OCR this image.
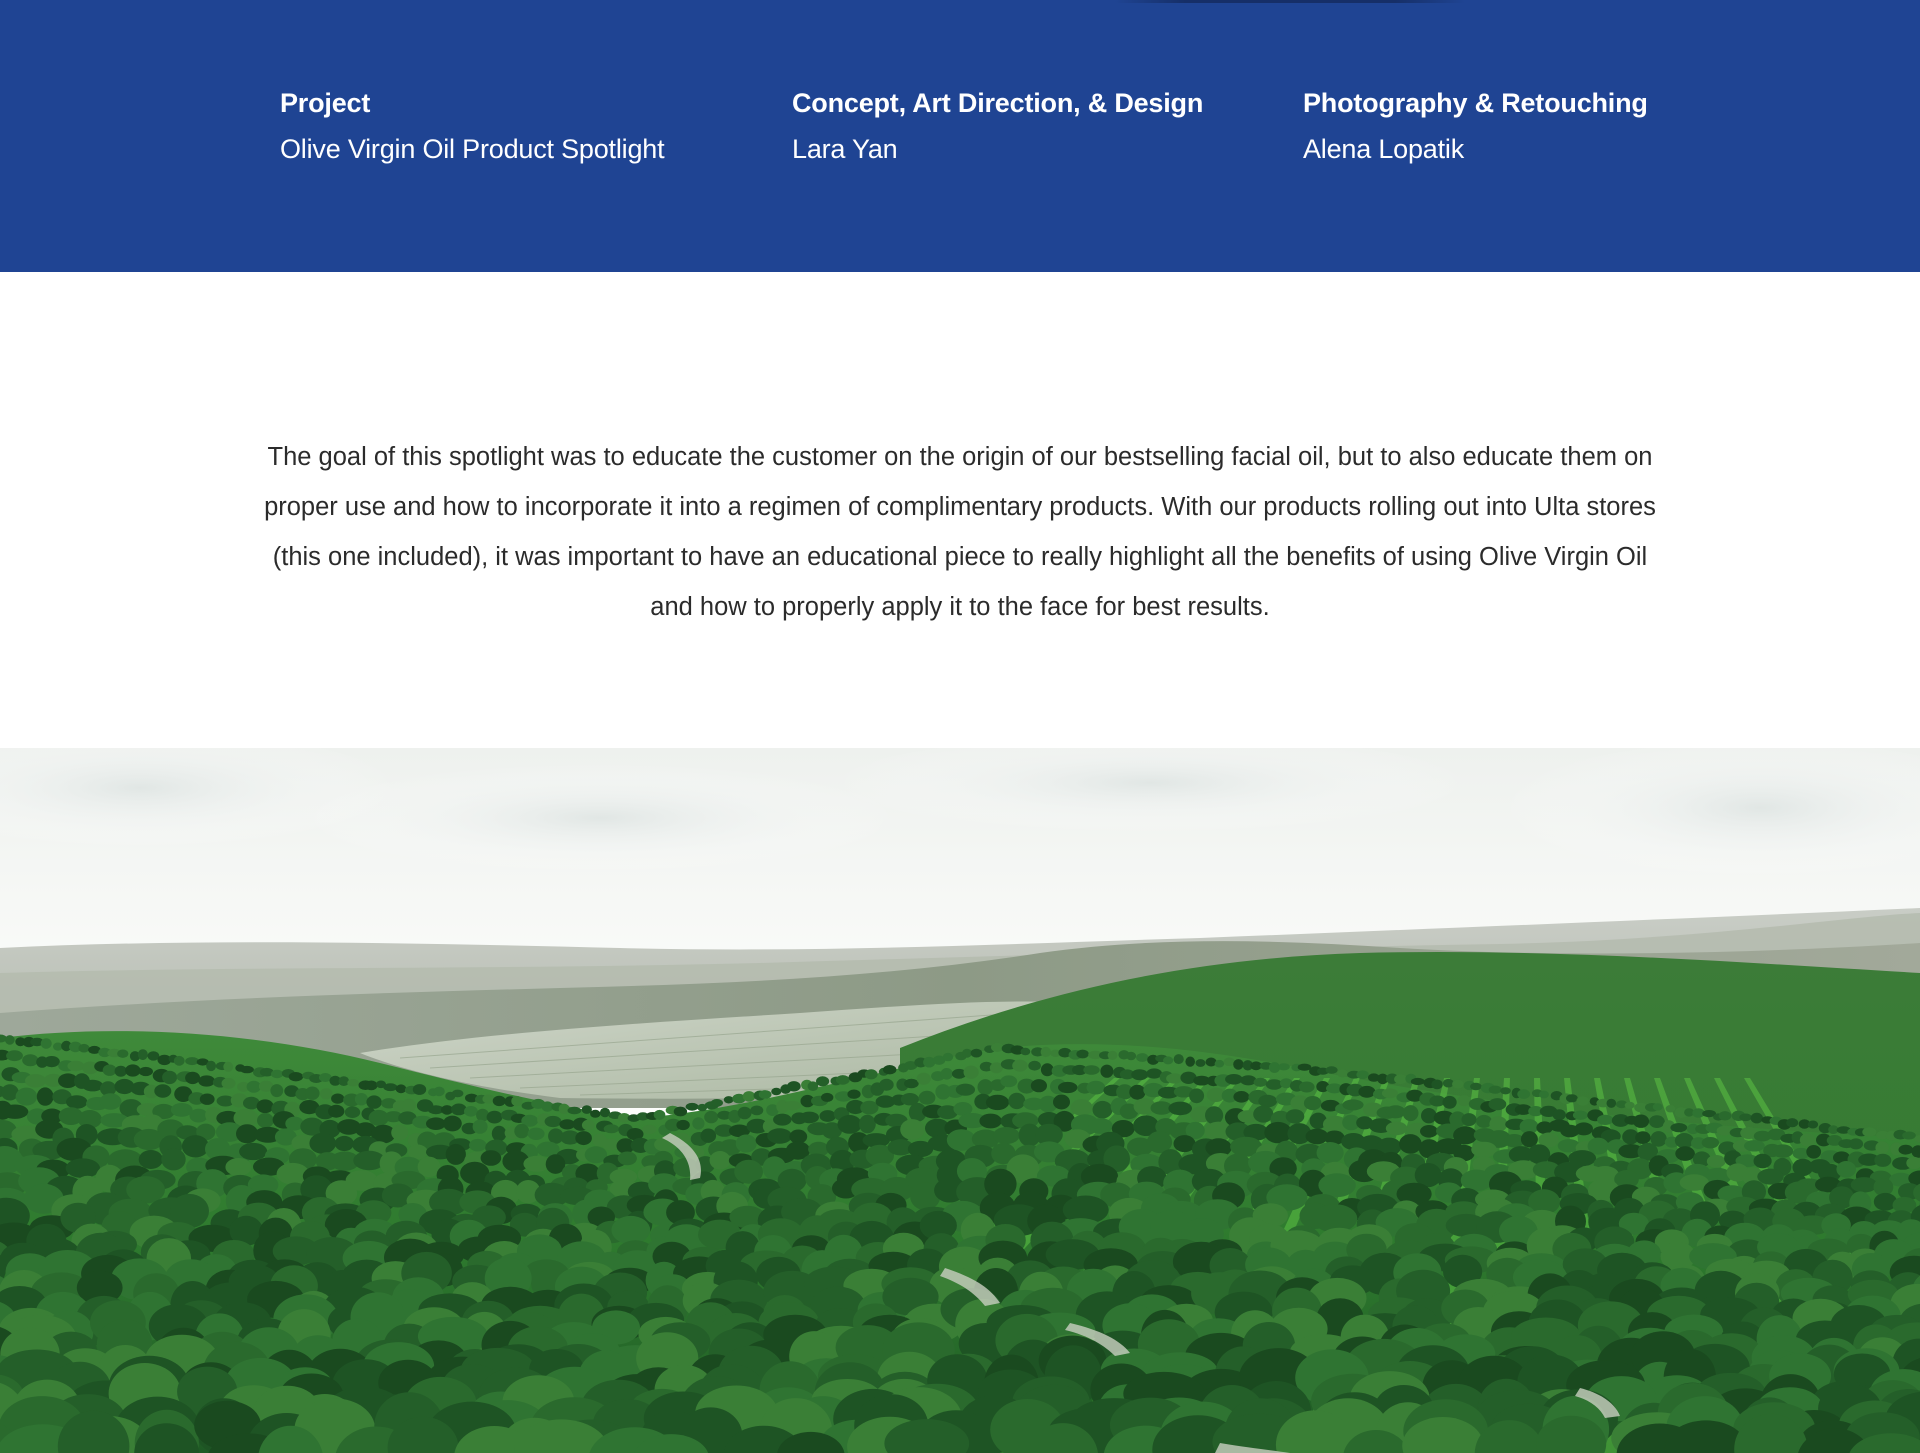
Project
Olive Virgin Oil Product Spotlight
Concept, Art Direction, & Design
Lara Yan
Photography & Retouching
Alena Lopatik

The goal of this spotlight was to educate the customer on the origin of our bestselling facial oil, but to also educate them on proper use and how to incorporate it into a regimen of complimentary products. With our products rolling out into Ulta stores (this one included), it was important to have an educational piece to really highlight all the benefits of using Olive Virgin Oil and how to properly apply it to the face for best results.
